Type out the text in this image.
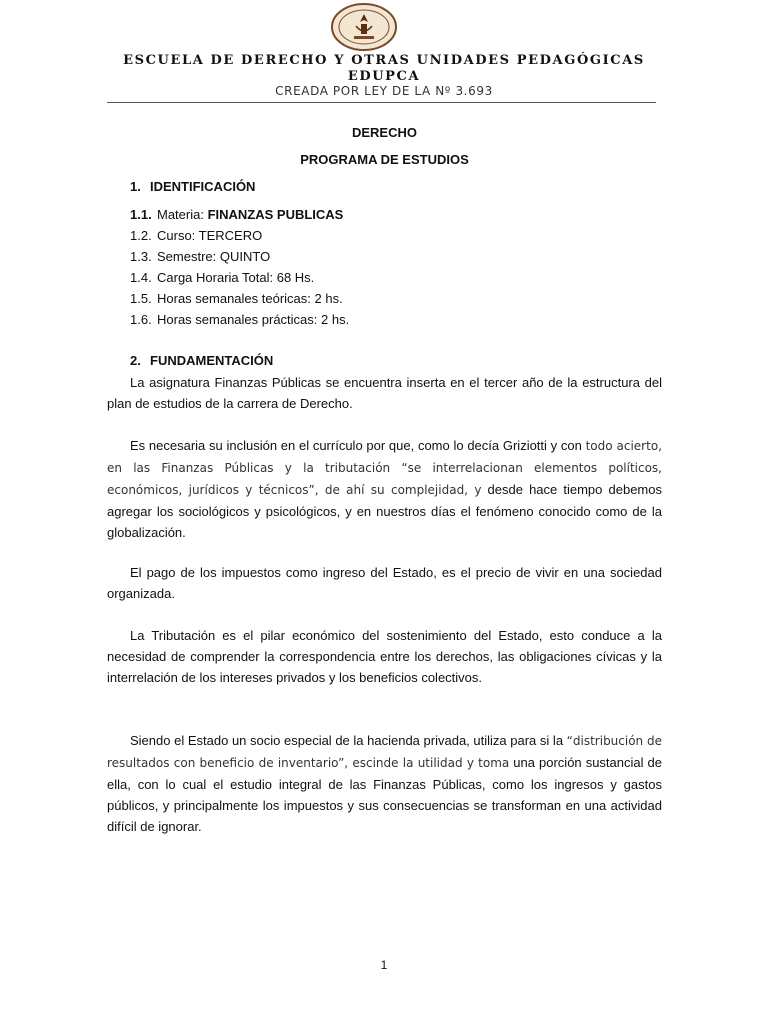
ESCUELA DE DERECHO Y OTRAS UNIDADES PEDAGÓGICAS
EDUPCA
CREADA POR LEY DE LA Nº 3.693
DERECHO
PROGRAMA DE ESTUDIOS
1. IDENTIFICACIÓN
1.1. Materia: FINANZAS PUBLICAS
1.2. Curso: TERCERO
1.3. Semestre: QUINTO
1.4. Carga Horaria Total: 68 Hs.
1.5. Horas semanales teóricas: 2 hs.
1.6. Horas semanales prácticas: 2 hs.
2. FUNDAMENTACIÓN

La asignatura Finanzas Públicas se encuentra inserta en el tercer año de la estructura del plan de estudios de la carrera de Derecho.

Es necesaria su inclusión en el currículo por que, como lo decía Griziotti y con todo acierto, en las Finanzas Públicas y la tributación “se interrelacionan elementos políticos, económicos, jurídicos y técnicos”, de ahí su complejidad, y desde hace tiempo debemos agregar los sociológicos y psicológicos, y en nuestros días el fenómeno conocido como de la globalización.

El pago de los impuestos como ingreso del Estado, es el precio de vivir en una sociedad organizada.

La Tributación es el pilar económico del sostenimiento del Estado, esto conduce a la necesidad de comprender la correspondencia entre los derechos, las obligaciones cívicas y la interrelación de los intereses privados y los beneficios colectivos.

Siendo el Estado un socio especial de la hacienda privada, utiliza para si la “distribución de resultados con beneficio de inventario”, escinde la utilidad y toma una porción sustancial de ella, con lo cual el estudio integral de las Finanzas Públicas, como los ingresos y gastos públicos, y principalmente los impuestos y sus consecuencias se transforman en una actividad difícil de ignorar.

1
